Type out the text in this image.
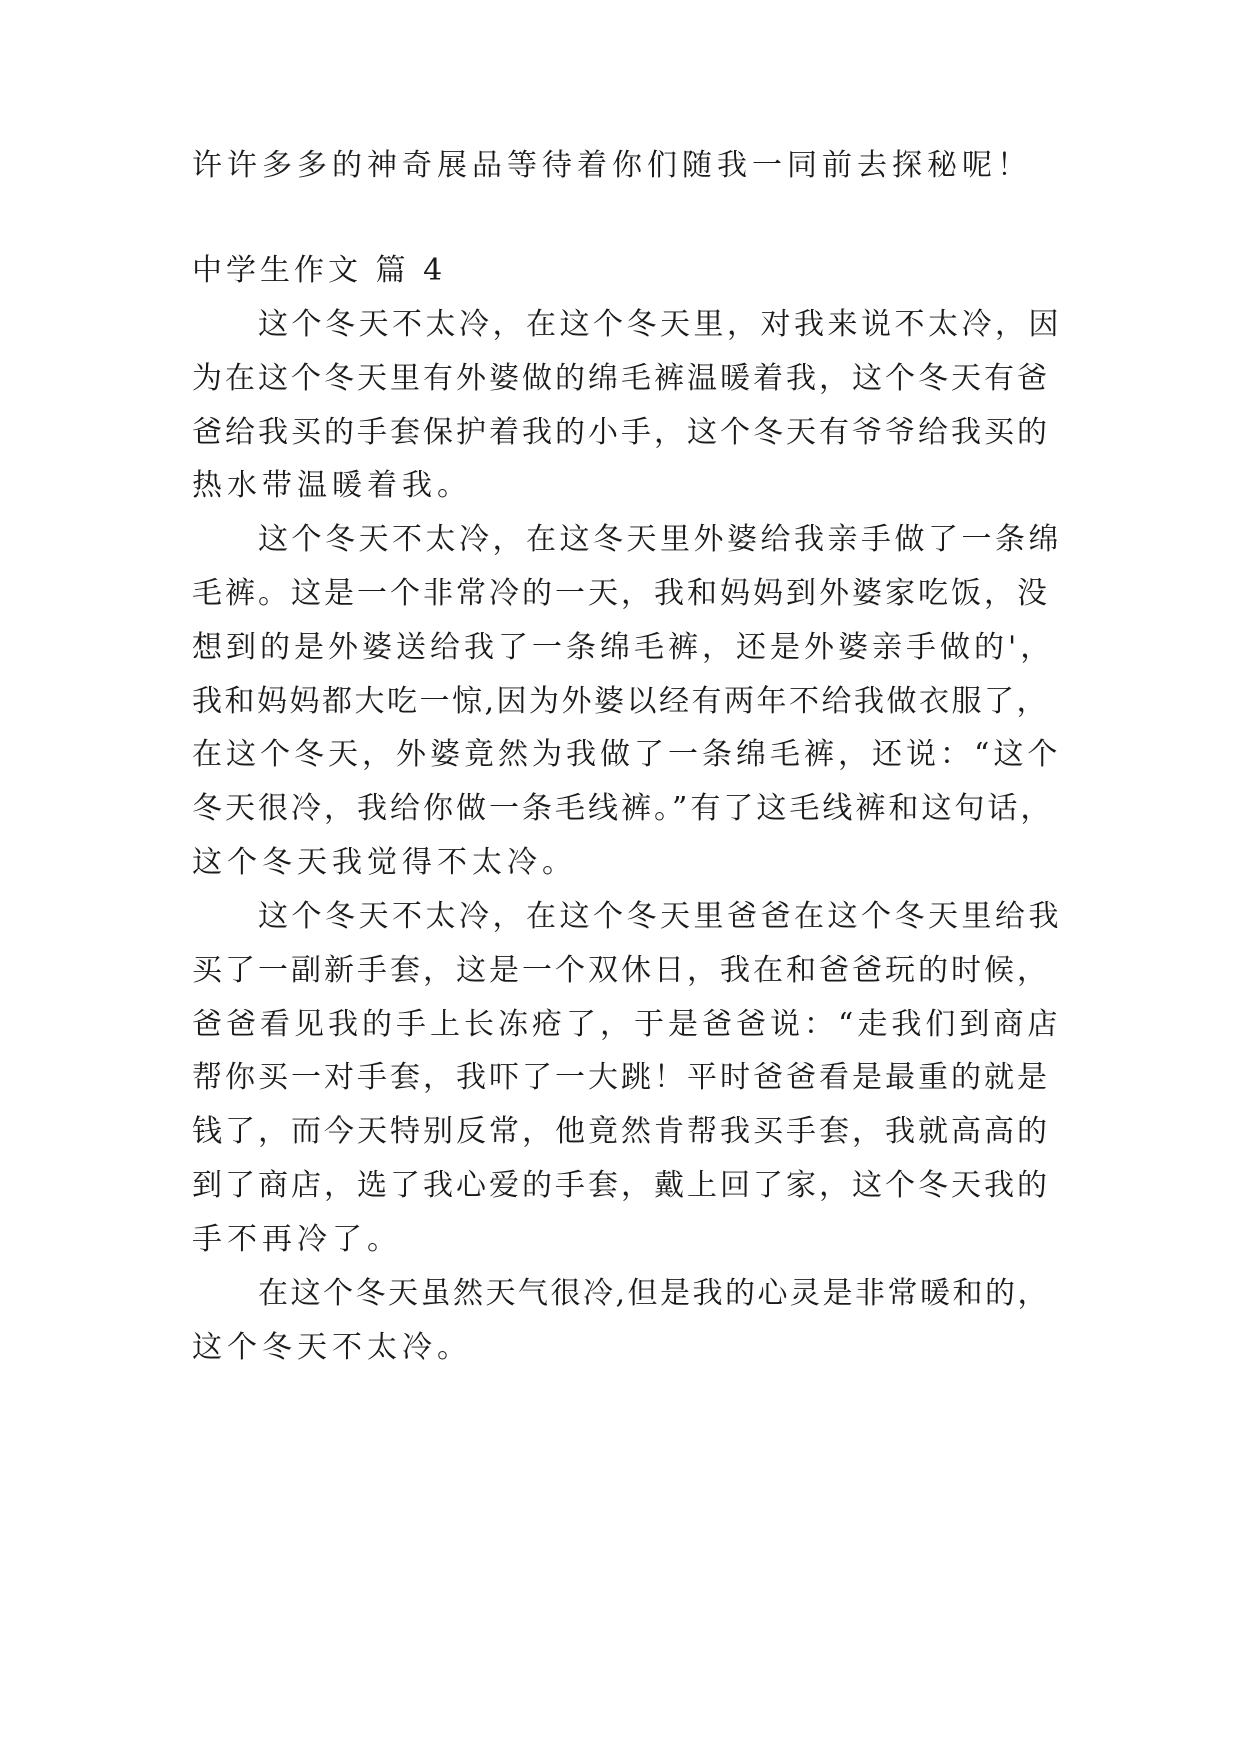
许许多多的神奇展品等待着你们随我一同前去探秘呢！
中学生作文 篇 4
这个冬天不太冷，在这个冬天里，对我来说不太冷，因
为在这个冬天里有外婆做的绵毛裤温暖着我，这个冬天有爸
爸给我买的手套保护着我的小手，这个冬天有爷爷给我买的
热水带温暖着我。
这个冬天不太冷，在这冬天里外婆给我亲手做了一条绵
毛裤。这是一个非常冷的一天，我和妈妈到外婆家吃饭，没
想到的是外婆送给我了一条绵毛裤，还是外婆亲手做的'，
我和妈妈都大吃一惊,因为外婆以经有两年不给我做衣服了，
在这个冬天，外婆竟然为我做了一条绵毛裤，还说：“这个
冬天很冷，我给你做一条毛线裤。”有了这毛线裤和这句话，
这个冬天我觉得不太冷。
这个冬天不太冷，在这个冬天里爸爸在这个冬天里给我
买了一副新手套，这是一个双休日，我在和爸爸玩的时候，
爸爸看见我的手上长冻疮了，于是爸爸说：“走我们到商店
帮你买一对手套，我吓了一大跳！平时爸爸看是最重的就是
钱了，而今天特别反常，他竟然肯帮我买手套，我就高高的
到了商店，选了我心爱的手套，戴上回了家，这个冬天我的
手不再冷了。
在这个冬天虽然天气很冷,但是我的心灵是非常暖和的，
这个冬天不太冷。
